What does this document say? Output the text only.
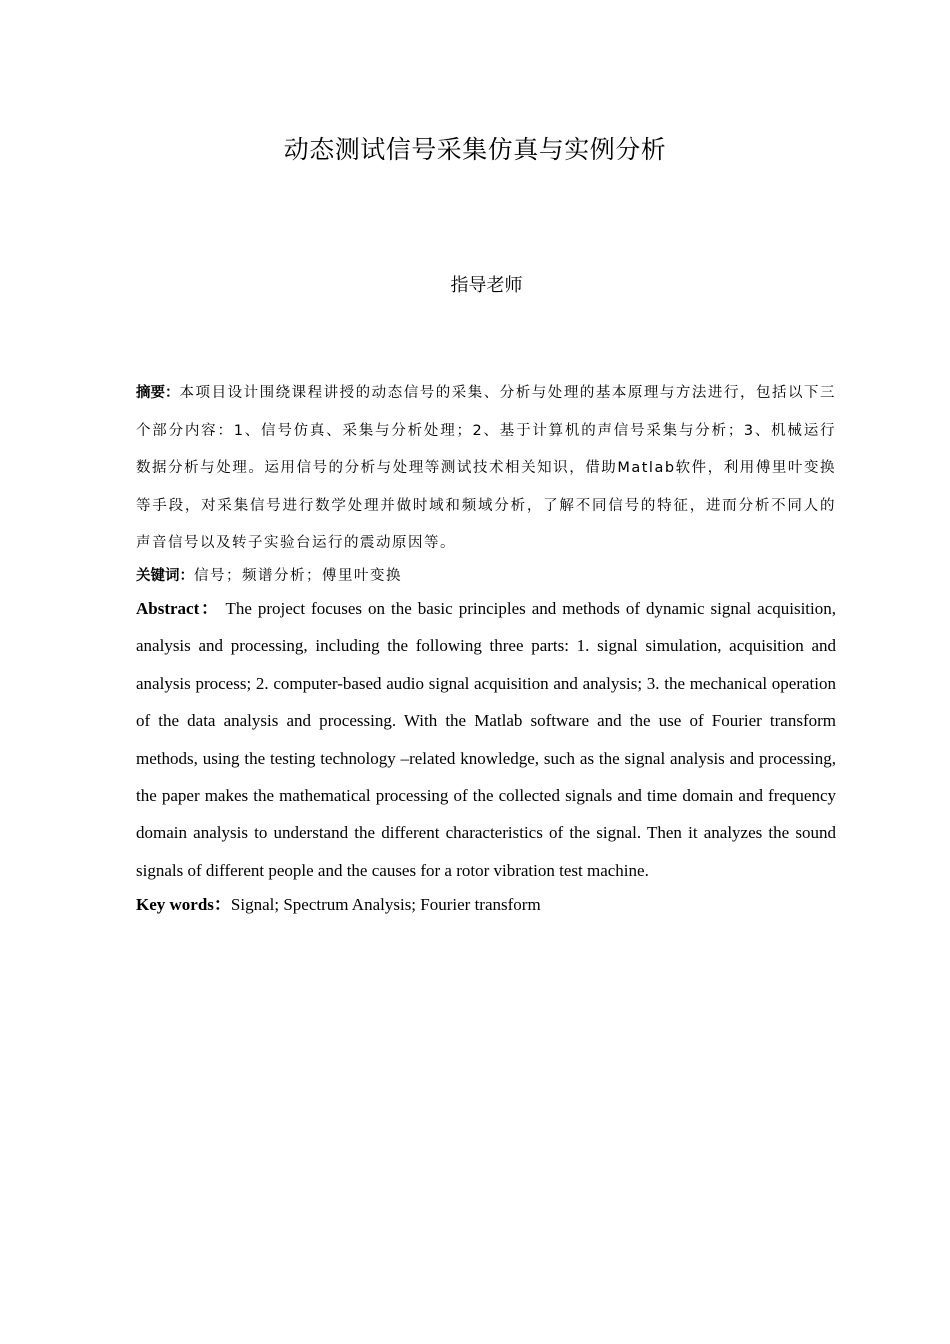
动态测试信号采集仿真与实例分析

指导老师

摘要：本项目设计围绕课程讲授的动态信号的采集、分析与处理的基本原理与方法进行，包括以下三个部分内容：1、信号仿真、采集与分析处理；2、基于计算机的声信号采集与分析；3、机械运行数据分析与处理。运用信号的分析与处理等测试技术相关知识，借助Matlab软件，利用傅里叶变换等手段，对采集信号进行数学处理并做时域和频域分析，了解不同信号的特征，进而分析不同人的声音信号以及转子实验台运行的震动原因等。

关键词：信号；频谱分析；傅里叶变换

Abstract： The project focuses on the basic principles and methods of dynamic signal acquisition, analysis and processing, including the following three parts: 1. signal simulation, acquisition and analysis process; 2. computer-based audio signal acquisition and analysis; 3. the mechanical operation of the data analysis and processing. With the Matlab software and the use of Fourier transform methods, using the testing technology –related knowledge, such as the signal analysis and processing, the paper makes the mathematical processing of the collected signals and time domain and frequency domain analysis to understand the different characteristics of the signal. Then it analyzes the sound signals of different people and the causes for a rotor vibration test machine.

Key words：Signal; Spectrum Analysis; Fourier transform
